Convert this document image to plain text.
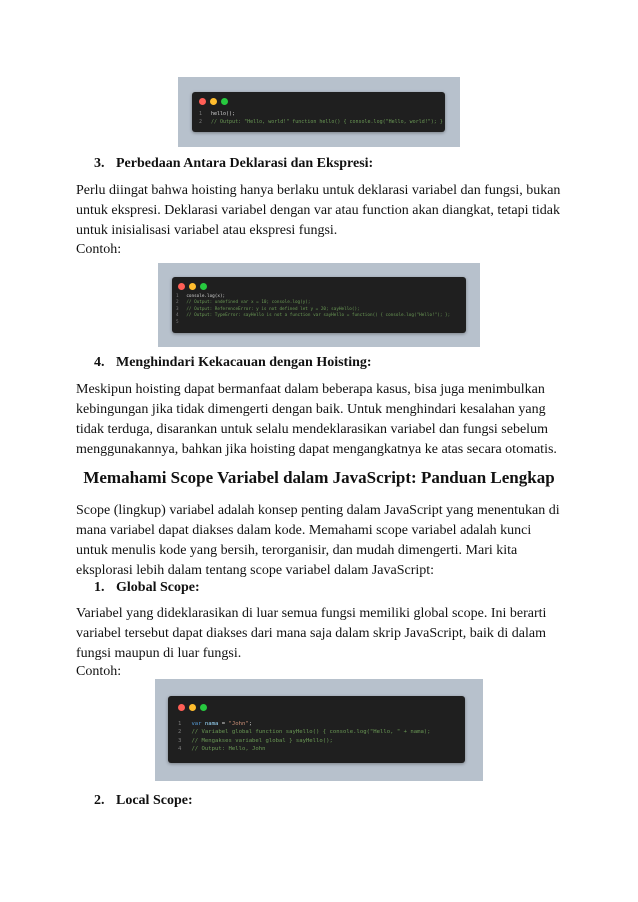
1 hello();
2 // Output: "Hello, world!" function hello() { console.log("Hello, world!"); }
3. Perbedaan Antara Deklarasi dan Ekspresi:

Perlu diingat bahwa hoisting hanya berlaku untuk deklarasi variabel dan fungsi, bukan untuk ekspresi. Deklarasi variabel dengan var atau function akan diangkat, tetapi tidak untuk inisialisasi variabel atau ekspresi fungsi.

Contoh:

1 console.log(x);
2 // Output: undefined var x = 10; console.log(y);
3 // Output: ReferenceError: y is not defined let y = 20; sayHello();
4 // Output: TypeError: sayHello is not a function var sayHello = function() { console.log("Hello!"); };
5
4. Menghindari Kekacauan dengan Hoisting:

Meskipun hoisting dapat bermanfaat dalam beberapa kasus, bisa juga menimbulkan kebingungan jika tidak dimengerti dengan baik. Untuk menghindari kesalahan yang tidak terduga, disarankan untuk selalu mendeklarasikan variabel dan fungsi sebelum menggunakannya, bahkan jika hoisting dapat mengangkatnya ke atas secara otomatis.

Memahami Scope Variabel dalam JavaScript: Panduan Lengkap

Scope (lingkup) variabel adalah konsep penting dalam JavaScript yang menentukan di mana variabel dapat diakses dalam kode. Memahami scope variabel adalah kunci untuk menulis kode yang bersih, terorganisir, dan mudah dimengerti. Mari kita eksplorasi lebih dalam tentang scope variabel dalam JavaScript:

1. Global Scope:

Variabel yang dideklarasikan di luar semua fungsi memiliki global scope. Ini berarti variabel tersebut dapat diakses dari mana saja dalam skrip JavaScript, baik di dalam fungsi maupun di luar fungsi.

Contoh:

1 var nama = "John";
2 // Variabel global function sayHello() { console.log("Hello, " + nama);
3 // Mengakses variabel global } sayHello();
4 // Output: Hello, John
2. Local Scope:
